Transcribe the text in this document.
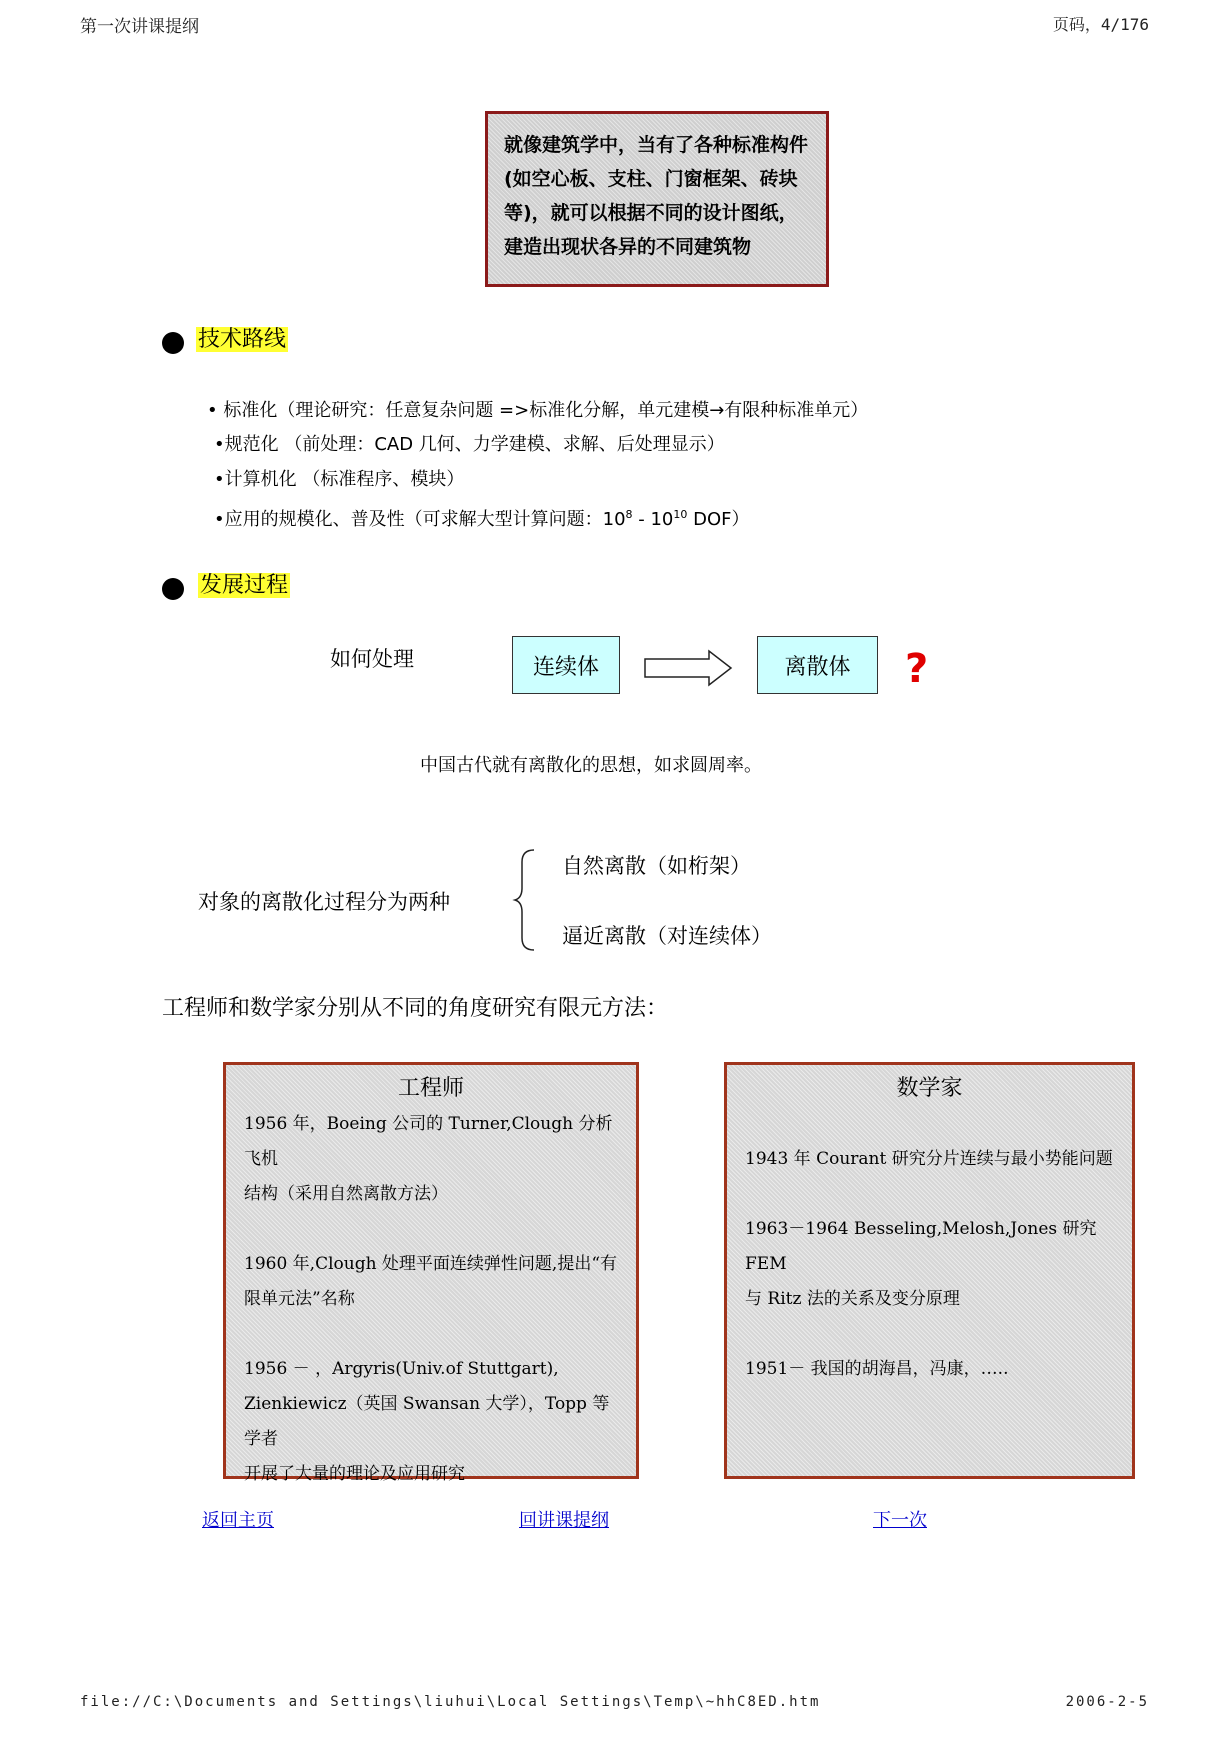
第一次讲课提纲	页码，4/176
就像建筑学中，当有了各种标准构件
(如空心板、支柱、门窗框架、砖块
等)，就可以根据不同的设计图纸，
建造出现状各异的不同建筑物
技术路线
• 标准化（理论研究：任意复杂问题 =>标准化分解，单元建模→有限种标准单元）
•规范化 （前处理：CAD 几何、力学建模、求解、后处理显示）
•计算机化 （标准程序、模块）
•应用的规模化、普及性（可求解大型计算问题：$10^8 - 10^{10}$ DOF）
发展过程
如何处理	连续体	离散体	?
中国古代就有离散化的思想，如求圆周率。
对象的离散化过程分为两种
自然离散（如桁架）
逼近离散（对连续体）
工程师和数学家分别从不同的角度研究有限元方法：
工程师

1956 年，Boeing 公司的 Turner,Clough 分析飞机

结构（采用自然离散方法）

1960 年,Clough 处理平面连续弹性问题,提出“有

限单元法”名称

1956 － ，Argyris(Univ.of Stuttgart),

Zienkiewicz（英国 Swansan 大学），Topp 等学者

开展了大量的理论及应用研究

数学家

1943 年 Courant 研究分片连续与最小势能问题

1963－1964 Besseling,Melosh,Jones 研究 FEM

与 Ritz 法的关系及变分原理

1951－ 我国的胡海昌，冯康，…..

返回主页	回讲课提纲	下一次
file://C:\Documents and Settings\liuhui\Local Settings\Temp\~hhC8ED.htm	2006-2-5
